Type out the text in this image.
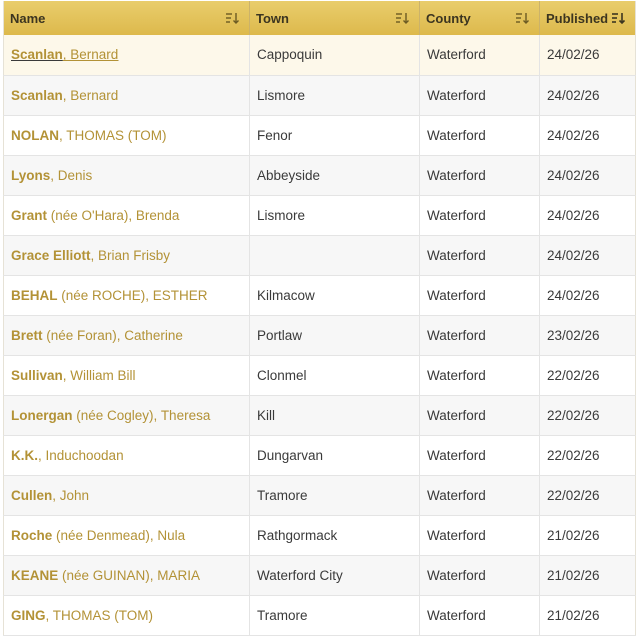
Name	Town	County	Published

Scanlan, Bernard	Cappoquin	Waterford	24/02/26
Scanlan, Bernard	Lismore	Waterford	24/02/26
NOLAN, THOMAS (TOM)	Fenor	Waterford	24/02/26
Lyons, Denis	Abbeyside	Waterford	24/02/26
Grant (née O'Hara), Brenda	Lismore	Waterford	24/02/26
Grace Elliott, Brian Frisby		Waterford	24/02/26
BEHAL (née ROCHE), ESTHER	Kilmacow	Waterford	24/02/26
Brett (née Foran), Catherine	Portlaw	Waterford	23/02/26
Sullivan, William Bill	Clonmel	Waterford	22/02/26
Lonergan (née Cogley), Theresa	Kill	Waterford	22/02/26
K.K., Induchoodan	Dungarvan	Waterford	22/02/26
Cullen, John	Tramore	Waterford	22/02/26
Roche (née Denmead), Nula	Rathgormack	Waterford	21/02/26
KEANE (née GUINAN), MARIA	Waterford City	Waterford	21/02/26
GING, THOMAS (TOM)	Tramore	Waterford	21/02/26
